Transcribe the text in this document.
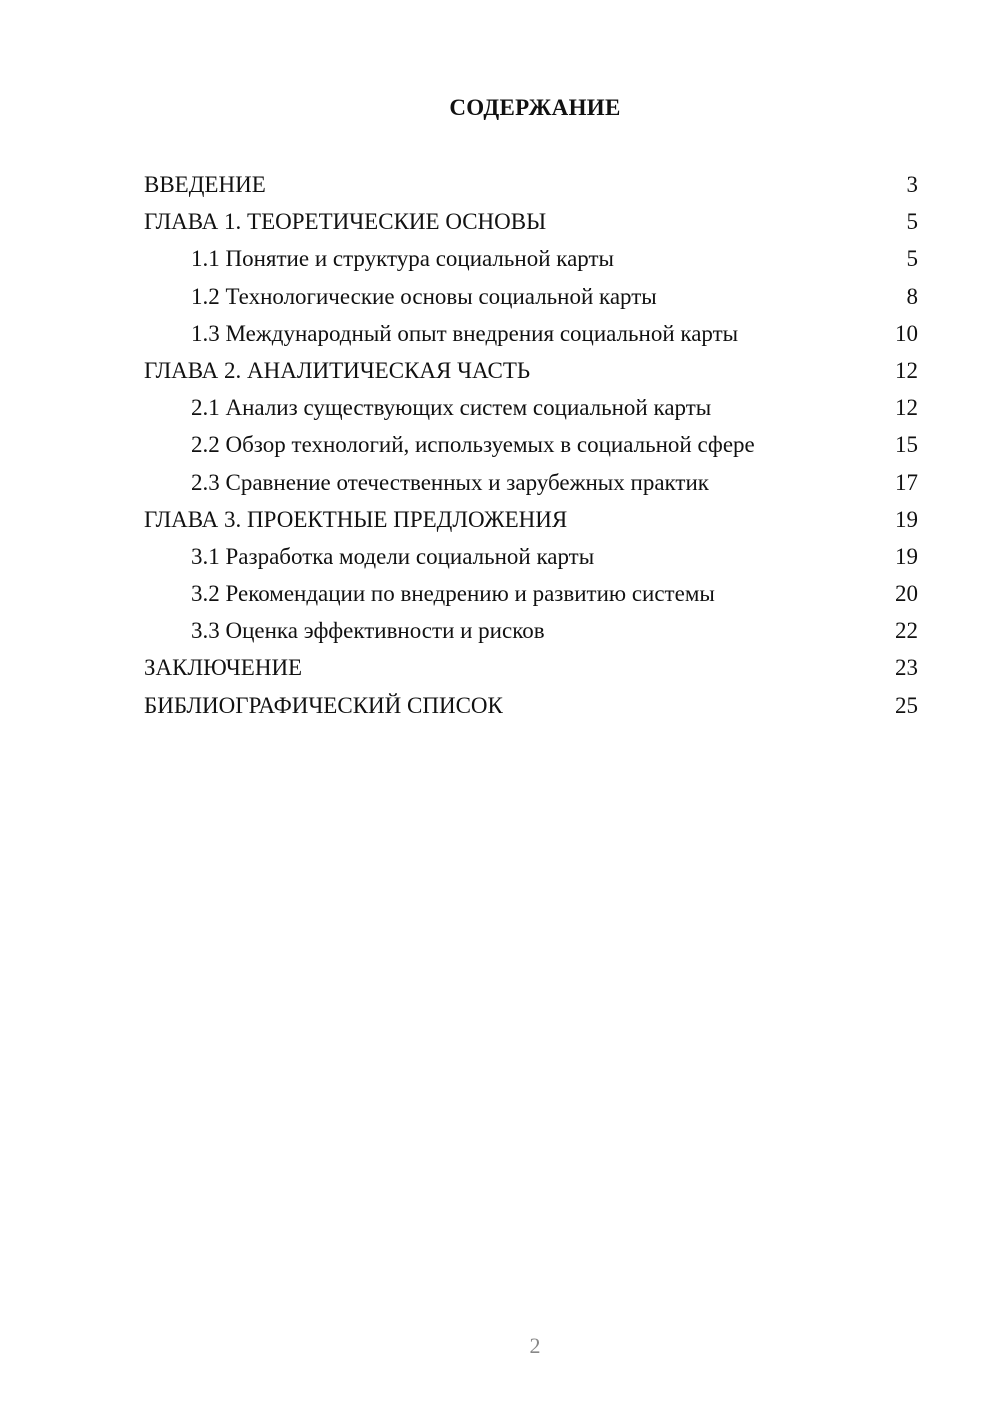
СОДЕРЖАНИЕ
ВВЕДЕНИЕ	3
ГЛАВА 1. ТЕОРЕТИЧЕСКИЕ ОСНОВЫ	5
1.1 Понятие и структура социальной карты	5
1.2 Технологические основы социальной карты	8
1.3 Международный опыт внедрения социальной карты	10
ГЛАВА 2. АНАЛИТИЧЕСКАЯ ЧАСТЬ	12
2.1 Анализ существующих систем социальной карты	12
2.2 Обзор технологий, используемых в социальной сфере	15
2.3 Сравнение отечественных и зарубежных практик	17
ГЛАВА 3. ПРОЕКТНЫЕ ПРЕДЛОЖЕНИЯ	19
3.1 Разработка модели социальной карты	19
3.2 Рекомендации по внедрению и развитию системы	20
3.3 Оценка эффективности и рисков	22
ЗАКЛЮЧЕНИЕ	23
БИБЛИОГРАФИЧЕСКИЙ СПИСОК	25
2
